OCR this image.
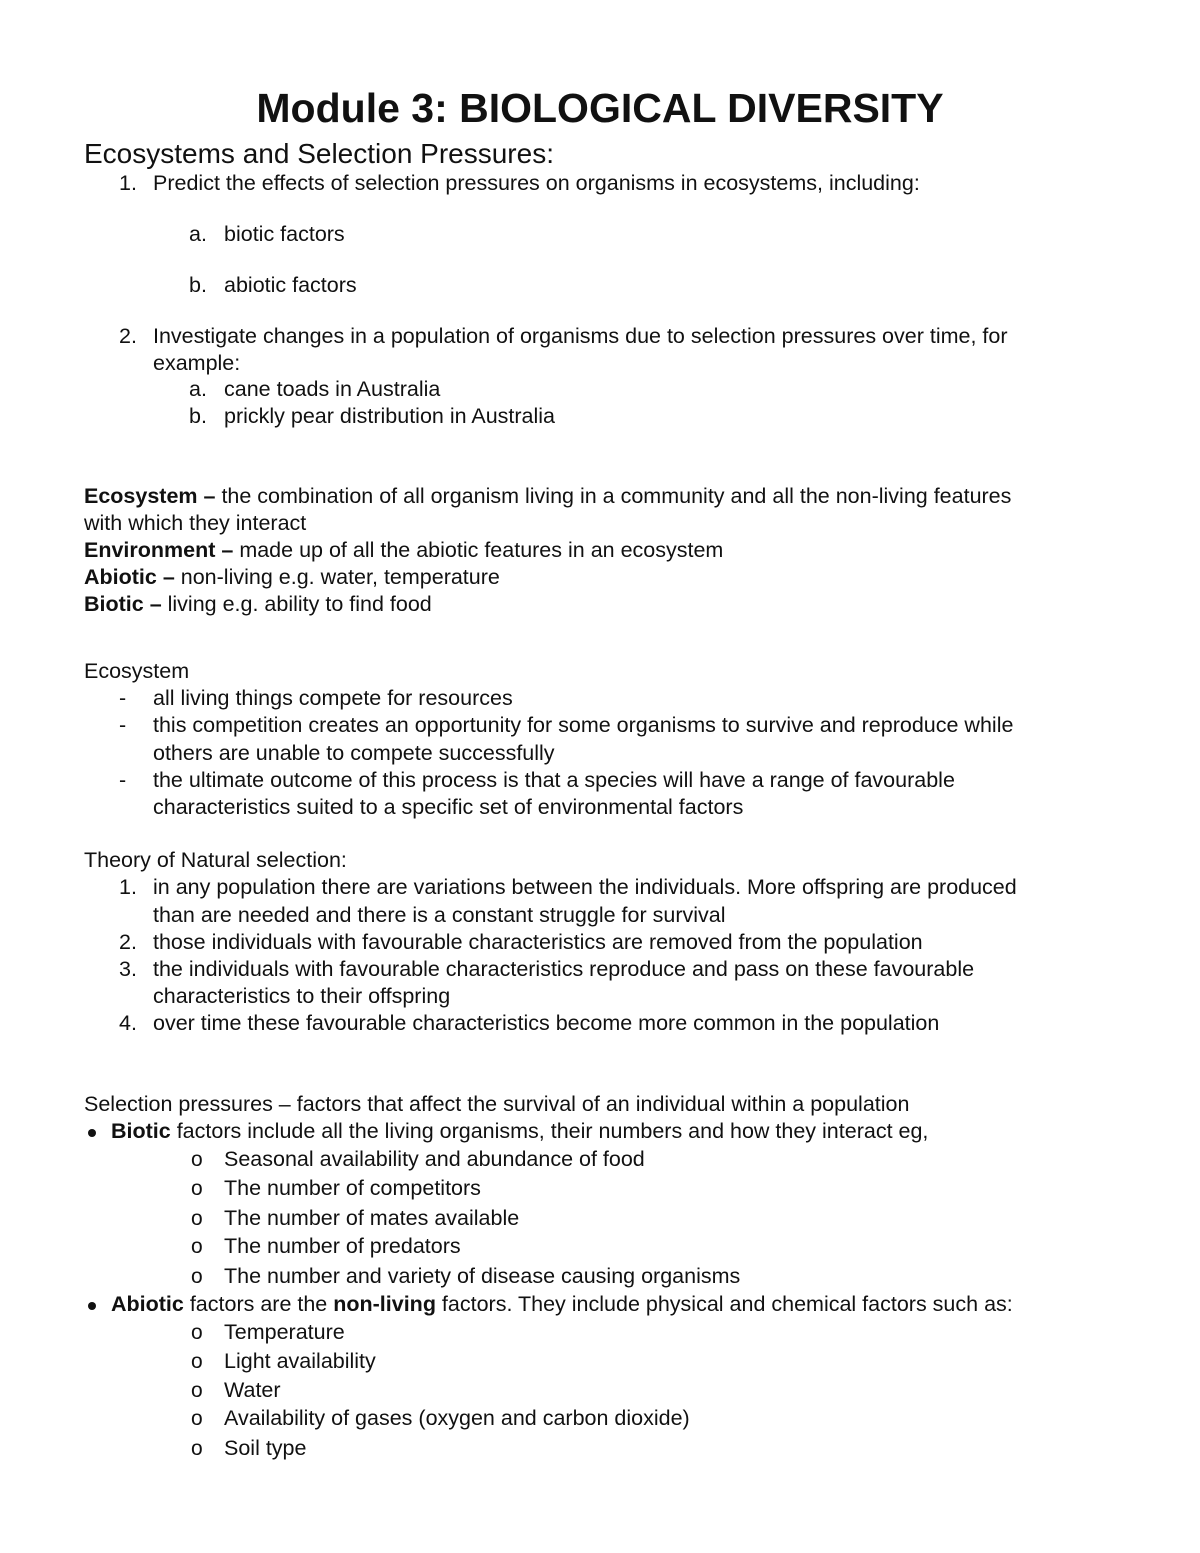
Module 3: BIOLOGICAL DIVERSITY
Ecosystems and Selection Pressures:
1. Predict the effects of selection pressures on organisms in ecosystems, including:
a. biotic factors
b. abiotic factors
2. Investigate changes in a population of organisms due to selection pressures over time, for
example:
a. cane toads in Australia
b. prickly pear distribution in Australia
Ecosystem – the combination of all organism living in a community and all the non-living features
with which they interact
Environment – made up of all the abiotic features in an ecosystem
Abiotic – non-living e.g. water, temperature
Biotic – living e.g. ability to find food
Ecosystem
- all living things compete for resources
- this competition creates an opportunity for some organisms to survive and reproduce while
others are unable to compete successfully
- the ultimate outcome of this process is that a species will have a range of favourable
characteristics suited to a specific set of environmental factors
Theory of Natural selection:
1. in any population there are variations between the individuals. More offspring are produced
than are needed and there is a constant struggle for survival
2. those individuals with favourable characteristics are removed from the population
3. the individuals with favourable characteristics reproduce and pass on these favourable
characteristics to their offspring
4. over time these favourable characteristics become more common in the population
Selection pressures – factors that affect the survival of an individual within a population
Biotic factors include all the living organisms, their numbers and how they interact eg,
o Seasonal availability and abundance of food
o The number of competitors
o The number of mates available
o The number of predators
o The number and variety of disease causing organisms
Abiotic factors are the non-living factors. They include physical and chemical factors such as:
o Temperature
o Light availability
o Water
o Availability of gases (oxygen and carbon dioxide)
o Soil type
